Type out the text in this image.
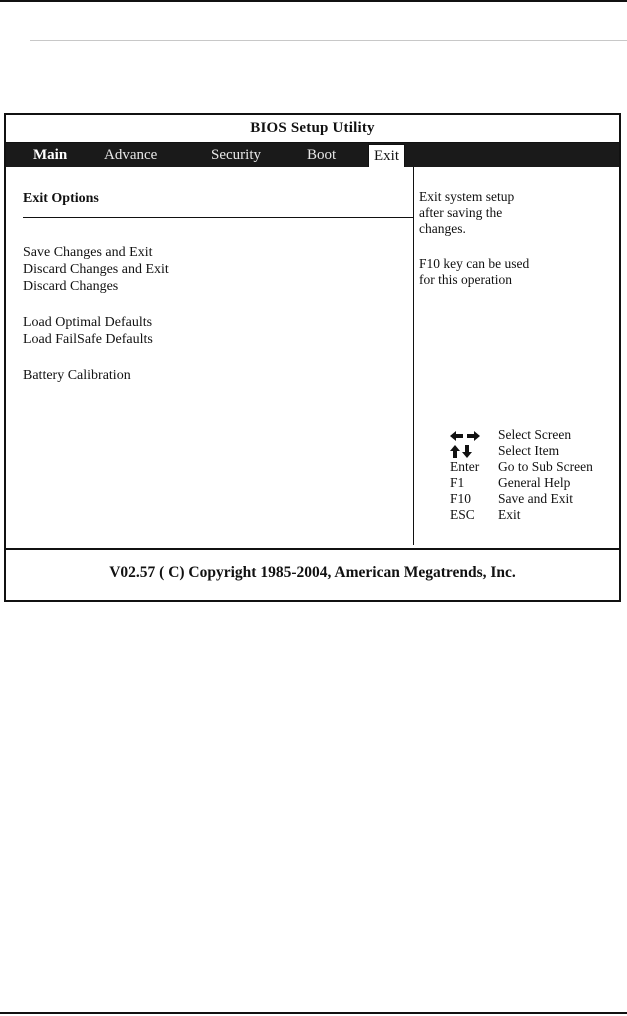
BIOS Setup Utility
Main Advance	Security	Boot	Exit
Exit Options
Save Changes and Exit
Discard Changes and Exit
Discard Changes
Load Optimal Defaults
Load FailSafe Defaults
Battery Calibration
Exit system setup
after saving the
changes.
F10 key can be used
for this operation
Select Screen
Select Item
Enter	Go to Sub Screen
F1	General Help
F10	Save and Exit
ESC	Exit
V02.57 ( C) Copyright 1985-2004, American Megatrends, Inc.
